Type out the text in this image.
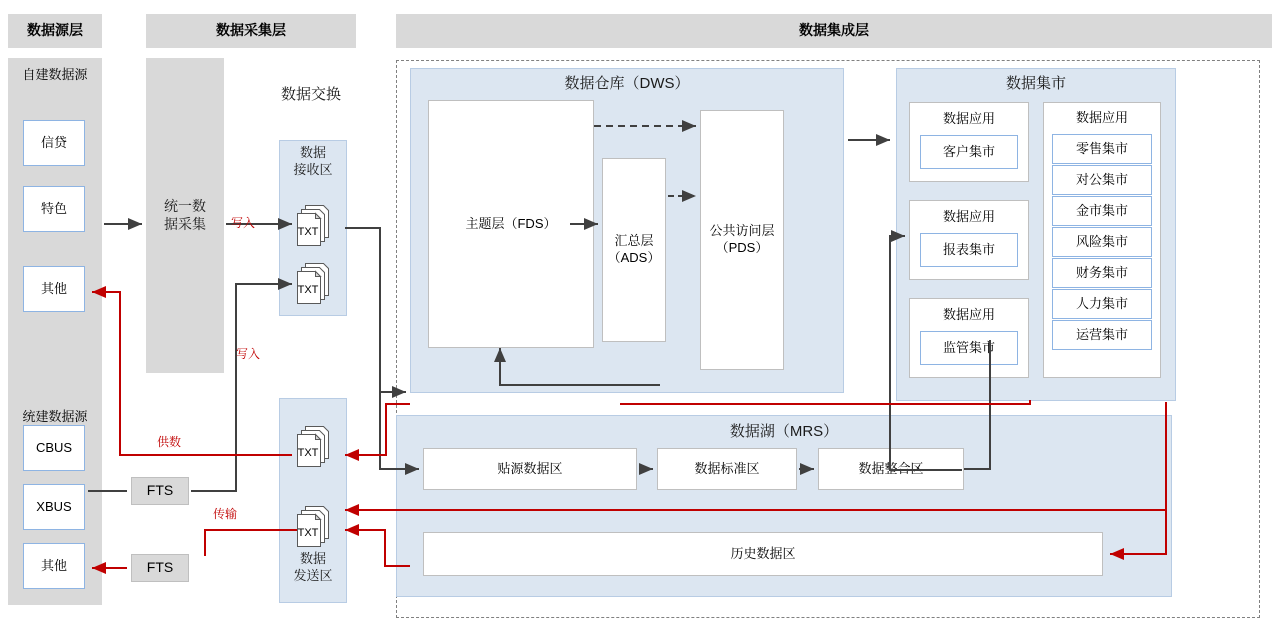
数据源层	数据采集层	数据集成层
自建数据源
信贷
特色
其他
统建数据源
CBUS
XBUS
其他
统一数
据采集
数据交换
数据
接收区
数据
发送区
FTS
FTS
数据仓库（DWS）
主题层（FDS）
汇总层
（ADS）
公共访问层
（PDS）
数据集市
数据应用
客户集市
数据应用
报表集市
数据应用
监管集市
数据应用
零售集市
对公集市
金市集市
风险集市
财务集市
人力集市
运营集市
数据湖（MRS）
贴源数据区	数据标准区	数据整合区
历史数据区
TXT
TXT
TXT
TXT
写入
写入
供数
传输
